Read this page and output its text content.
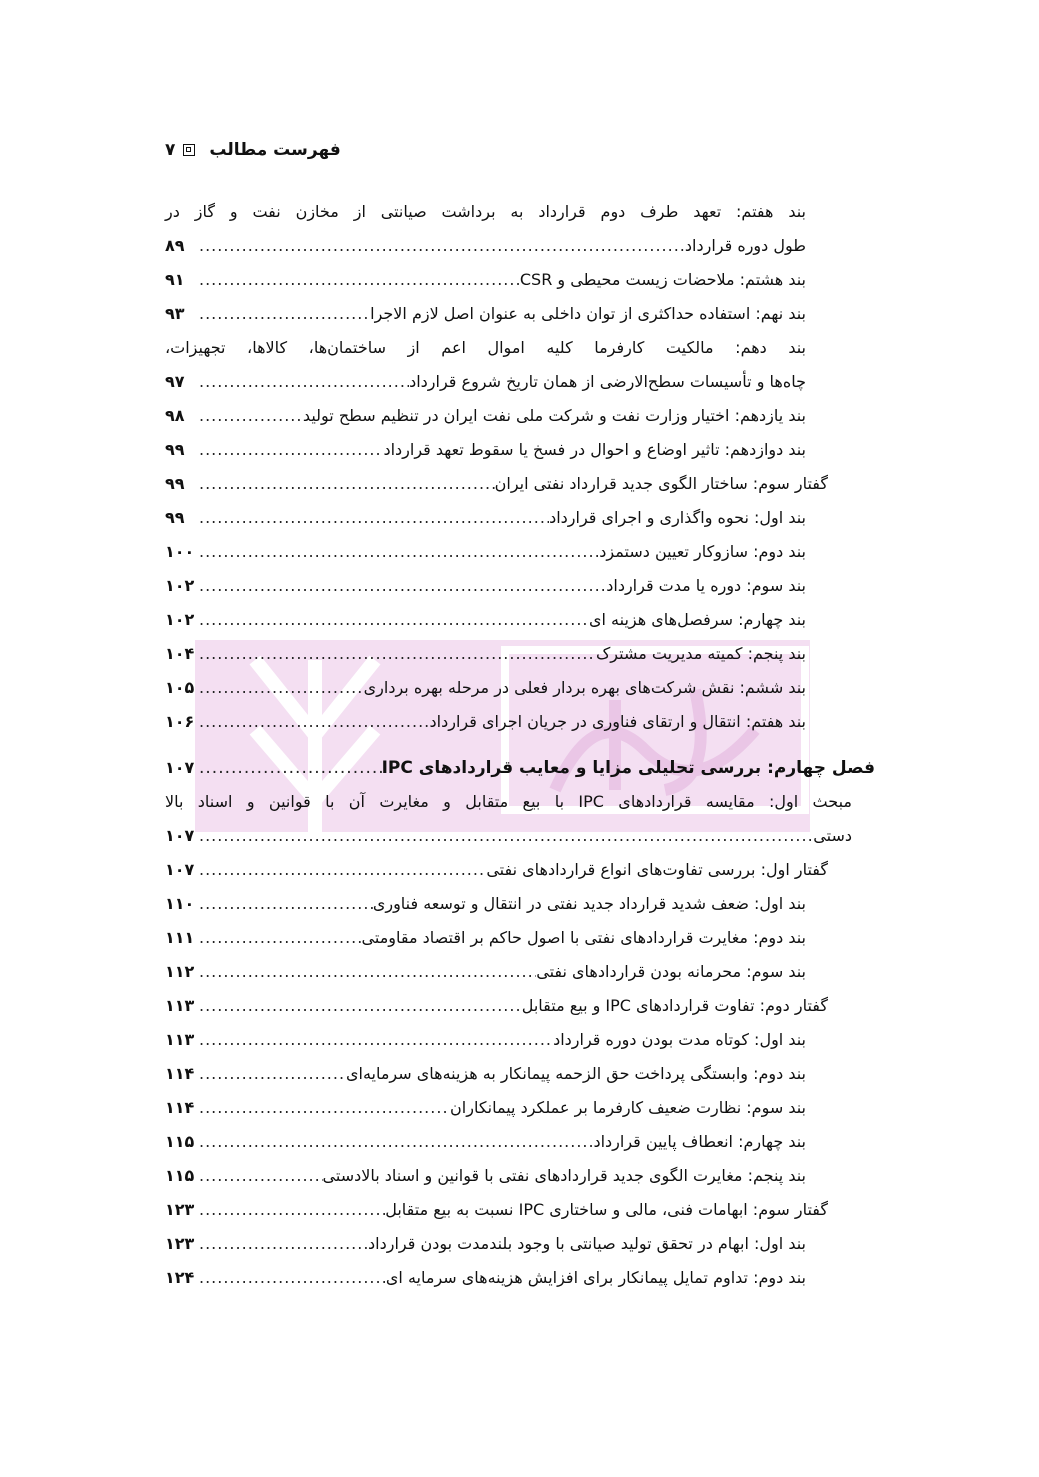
۷ فهرست مطالب
بند هفتم: تعهد طرف دوم قرارداد به برداشت صیانتی از مخازن نفت و گاز در
طول دوره قرارداد
.....
۸۹
بند هشتم: ملاحضات زیست محیطی و CSR
.....
۹۱
بند نهم: استفاده حداکثری از توان داخلی به عنوان اصل لازم الاجرا
.....
۹۳
بند دهم: مالکیت کارفرما کلیه اموال اعم از ساختمان‌ها، کالاها، تجهیزات،
چاه‌ها و تأسیسات سطح‌الارضی از همان تاریخ شروع قرارداد
.....
۹۷
بند یازدهم: اختیار وزارت نفت و شرکت ملی نفت ایران در تنظیم سطح تولید
.....
۹۸
بند دوازدهم: تاثیر اوضاع و احوال در فسخ یا سقوط تعهد قرارداد
.....
۹۹
گفتار سوم: ساختار الگوی جدید قرارداد نفتی ایران
.....
۹۹
بند اول: نحوه واگذاری و اجرای قرارداد
.....
۹۹
بند دوم: سازوکار تعیین دستمزد
.....
۱۰۰
بند سوم: دوره یا مدت قرارداد
.....
۱۰۲
بند چهارم: سرفصل‌های هزینه ای
.....
۱۰۲
بند پنجم: کمیته مدیریت مشترک
.....
۱۰۴
بند ششم: نقش شرکت‌های بهره بردار فعلی در مرحله بهره برداری
.....
۱۰۵
بند هفتم: انتقال و ارتقای فناوری در جریان اجرای قرارداد
.....
۱۰۶
فصل چهارم: بررسی تحلیلی مزایا و معایب قراردادهای IPC
.....
۱۰۷
مبحث اول: مقایسه قراردادهای IPC با بیع متقابل و مغایرت آن با قوانین و اسناد بالا
دستی
.....
۱۰۷
گفتار اول: بررسی تفاوت‌های انواع قراردادهای نفتی
.....
۱۰۷
بند اول: ضعف شدید قرارداد جدید نفتی در انتقال و توسعه فناوری
.....
۱۱۰
بند دوم: مغایرت قراردادهای نفتی با اصول حاکم بر اقتصاد مقاومتی
.....
۱۱۱
بند سوم: محرمانه بودن قراردادهای نفتی
.....
۱۱۲
گفتار دوم: تفاوت قراردادهای IPC و بیع متقابل
.....
۱۱۳
بند اول: کوتاه مدت بودن دوره قرارداد
.....
۱۱۳
بند دوم: وابستگی پرداخت حق الزحمه پیمانکار به هزینه‌های سرمایه‌ای
.....
۱۱۴
بند سوم: نظارت ضعیف کارفرما بر عملکرد پیمانکاران
.....
۱۱۴
بند چهارم: انعطاف پایین قرارداد
.....
۱۱۵
بند پنجم: مغایرت الگوی جدید قراردادهای نفتی با قوانین و اسناد بالادستی
.....
۱۱۵
گفتار سوم: ابهامات فنی، مالی و ساختاری IPC نسبت به بیع متقابل
.....
۱۲۳
بند اول: ابهام در تحقق تولید صیانتی با وجود بلندمدت بودن قرارداد
.....
۱۲۳
بند دوم: تداوم تمایل پیمانکار برای افزایش هزینه‌های سرمایه ای
.....
۱۲۴
